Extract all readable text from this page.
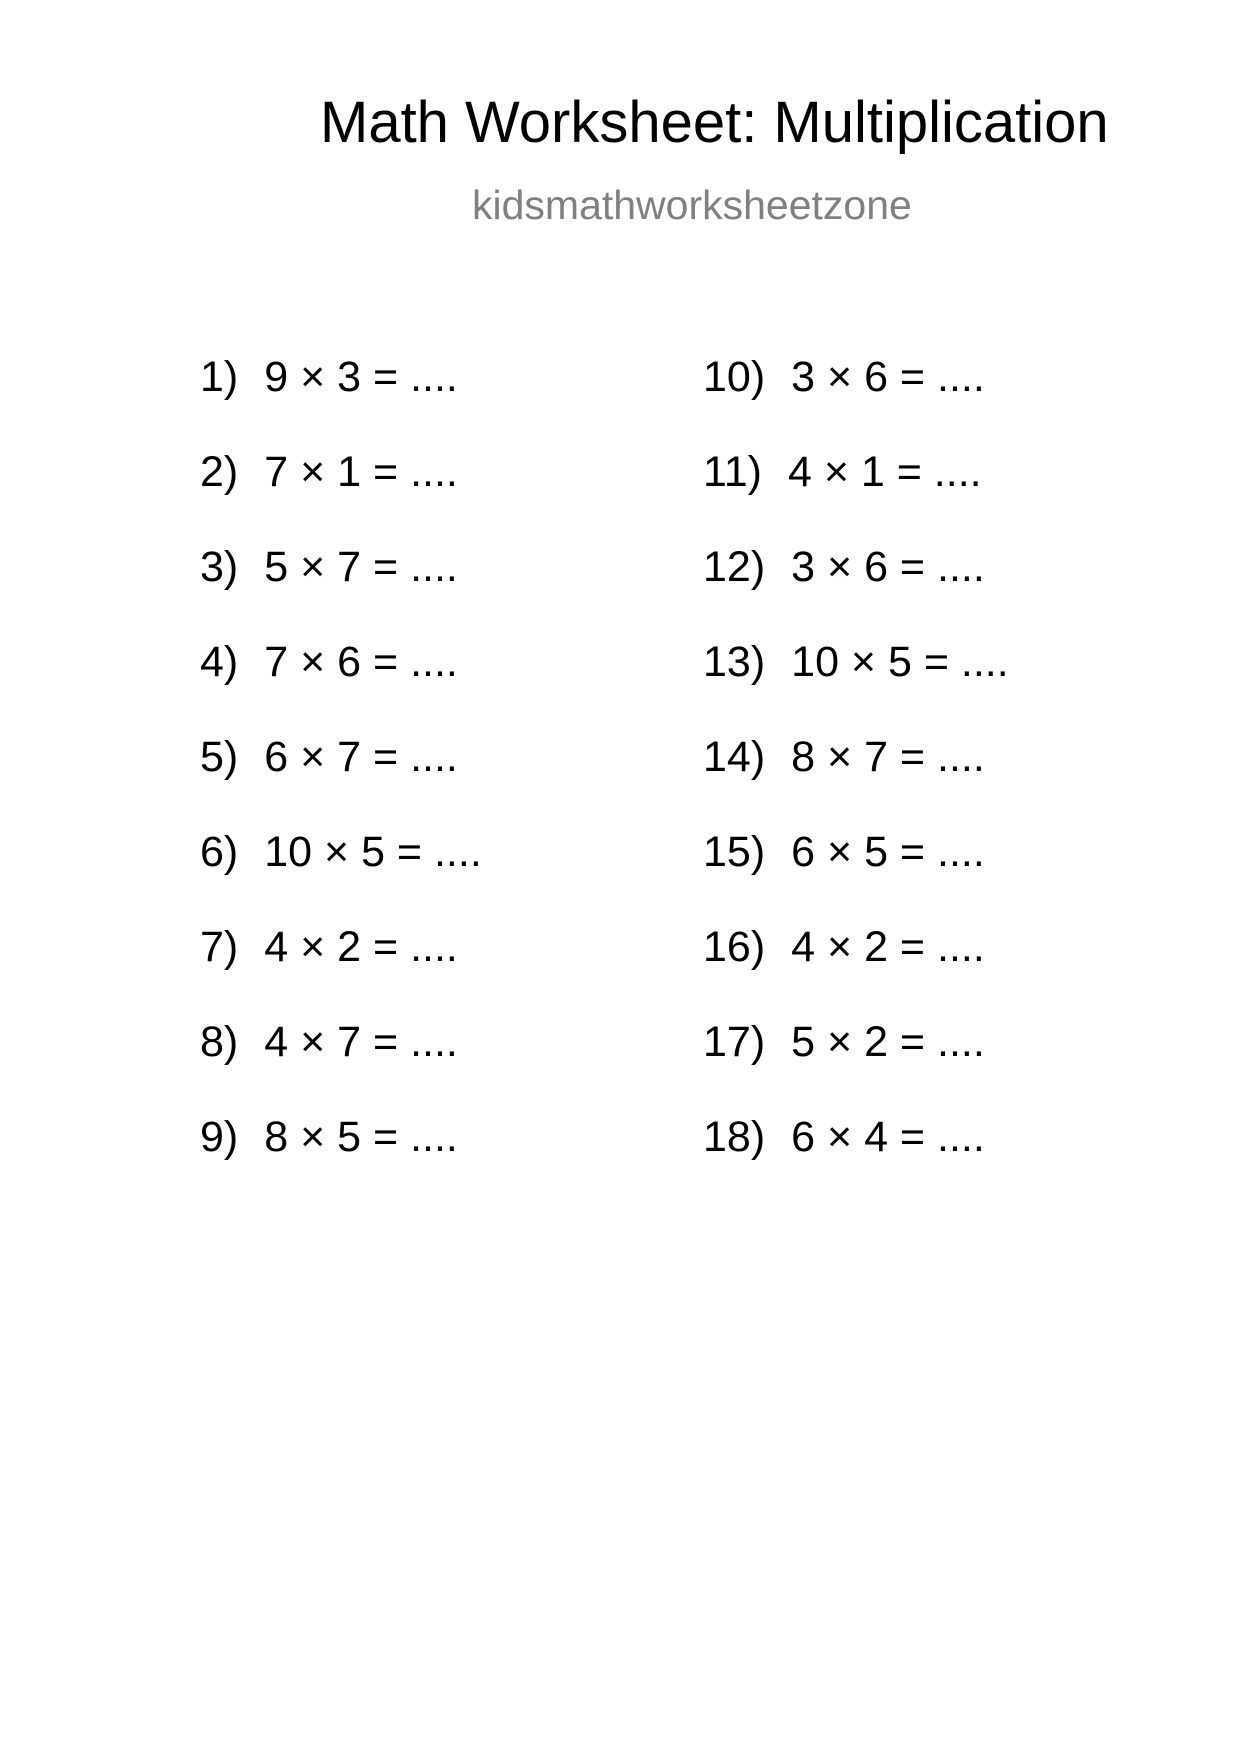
Math Worksheet: Multiplication
kidsmathworksheetzone
1) 9 × 3 = ....
2) 7 × 1 = ....
3) 5 × 7 = ....
4) 7 × 6 = ....
5) 6 × 7 = ....
6) 10 × 5 = ....
7) 4 × 2 = ....
8) 4 × 7 = ....
9) 8 × 5 = ....
10) 3 × 6 = ....
11) 4 × 1 = ....
12) 3 × 6 = ....
13) 10 × 5 = ....
14) 8 × 7 = ....
15) 6 × 5 = ....
16) 4 × 2 = ....
17) 5 × 2 = ....
18) 6 × 4 = ....
